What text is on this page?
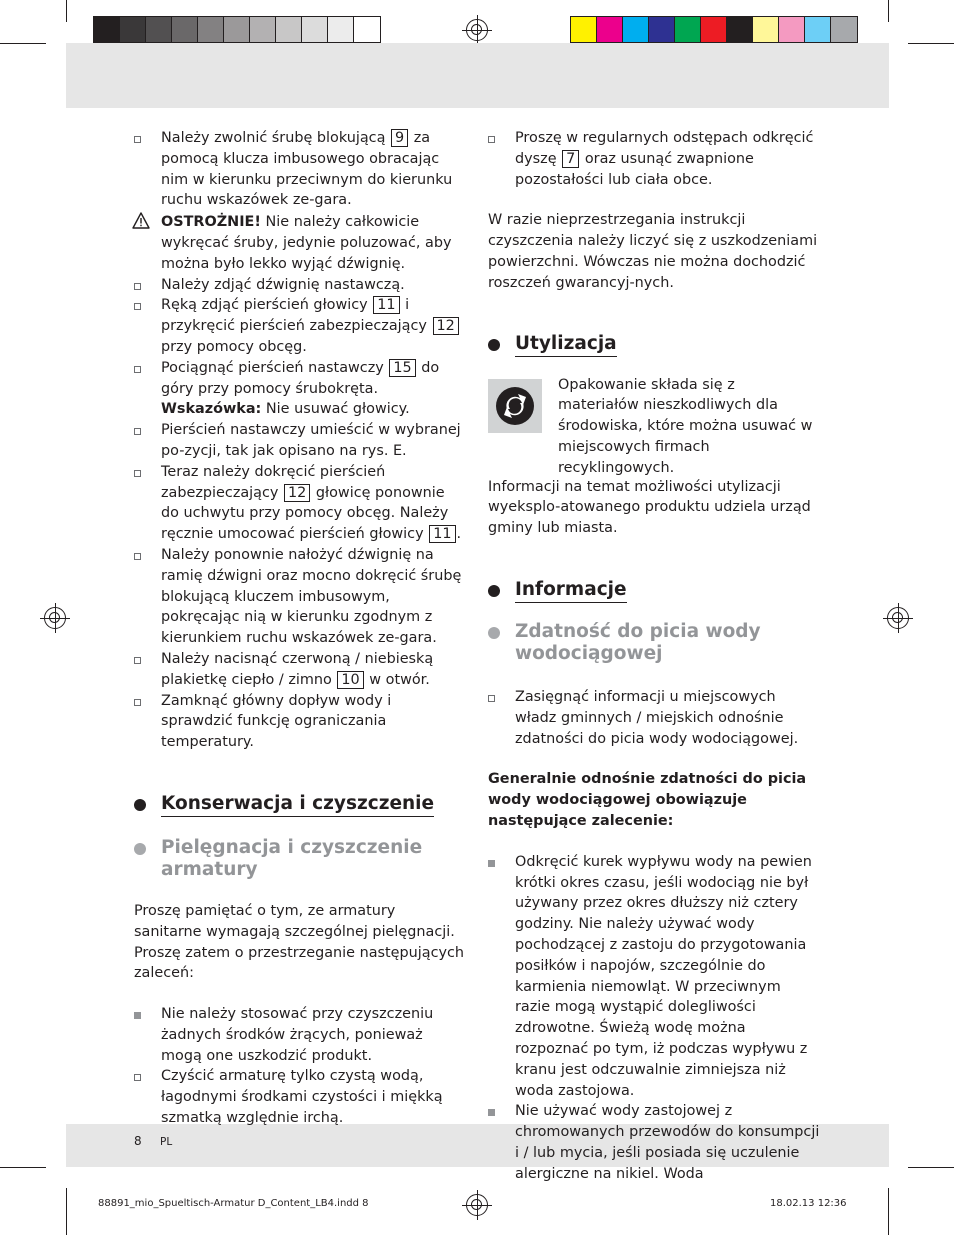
Należy zwolnić śrubę blokującą 9 za pomocą klucza imbusowego obracając nim w kierunku przeciwnym do kierunku ruchu wskazówek ze-gara.
OSTROŻNIE! Nie należy całkowicie wykręcać śruby, jedynie poluzować, aby można było lekko wyjąć dźwignię.
Należy zdjąć dźwignię nastawczą.
Ręką zdjąć pierścień głowicy 11 i przykręcić pierścień zabezpieczający 12 przy pomocy obcęg.
Pociągnąć pierścień nastawczy 15 do góry przy pomocy śrubokręta.
Wskazówka: Nie usuwać głowicy.
Pierścień nastawczy umieścić w wybranej po-zycji, tak jak opisano na rys. E.
Teraz należy dokręcić pierścień zabezpieczający 12 głowicę ponownie do uchwytu przy pomocy obcęg. Należy ręcznie umocować pierścień głowicy 11 .
Należy ponownie nałożyć dźwignię na ramię dźwigni oraz mocno dokręcić śrubę blokującą kluczem imbusowym, pokręcając nią w kierunku zgodnym z kierunkiem ruchu wskazówek ze-gara.
Należy nacisnąć czerwoną / niebieską plakietkę ciepło / zimno 10 w otwór.
Zamknąć główny dopływ wody i sprawdzić funkcję ograniczania temperatury.
Konserwacja i czyszczenie
Pielęgnacja i czyszczenie armatury

Proszę pamiętać o tym, ze armatury sanitarne wymagają szczególnej pielęgnacji. Proszę zatem o przestrzeganie następujących zaleceń:

Nie należy stosować przy czyszczeniu żadnych środków żrących, ponieważ mogą one uszkodzić produkt.
Czyścić armaturę tylko czystą wodą, łagodnymi środkami czystości i miękką szmatką względnie irchą.
Proszę w regularnych odstępach odkręcić dyszę 7 oraz usunąć zwapnione pozostałości lub ciała obce.

W razie nieprzestrzegania instrukcji czyszczenia należy liczyć się z uszkodzeniami powierzchni. Wówczas nie można dochodzić roszczeń gwarancyj-nych.

Utylizacja

Opakowanie składa się z materiałów nieszkodliwych dla środowiska, które można usuwać w miejscowych firmach recyklingowych.

Informacji na temat możliwości utylizacji wyeksplo-atowanego produktu udziela urząd gminy lub miasta.

Informacje
Zdatność do picia wody wodociągowej
Zasięgnąć informacji u miejscowych władz gminnych / miejskich odnośnie zdatności do picia wody wodociągowej.

Generalnie odnośnie zdatności do picia wody wodociągowej obowiązuje następujące zalecenie:

Odkręcić kurek wypływu wody na pewien krótki okres czasu, jeśli wodociąg nie był używany przez okres dłuższy niż cztery godziny. Nie należy używać wody pochodzącej z zastoju do przygotowania posiłków i napojów, szczególnie do karmienia niemowląt. W przeciwnym razie mogą wystąpić dolegliwości zdrowotne. Świeżą wodę można rozpoznać po tym, iż podczas wypływu z kranu jest odczuwalnie zimniejsza niż woda zastojowa.
Nie używać wody zastojowej z chromowanych przewodów do konsumpcji i / lub mycia, jeśli posiada się uczulenie alergiczne na nikiel. Woda
8 PL
88891_mio_Spueltisch-Armatur D_Content_LB4.indd 8	18.02.13 12:36
